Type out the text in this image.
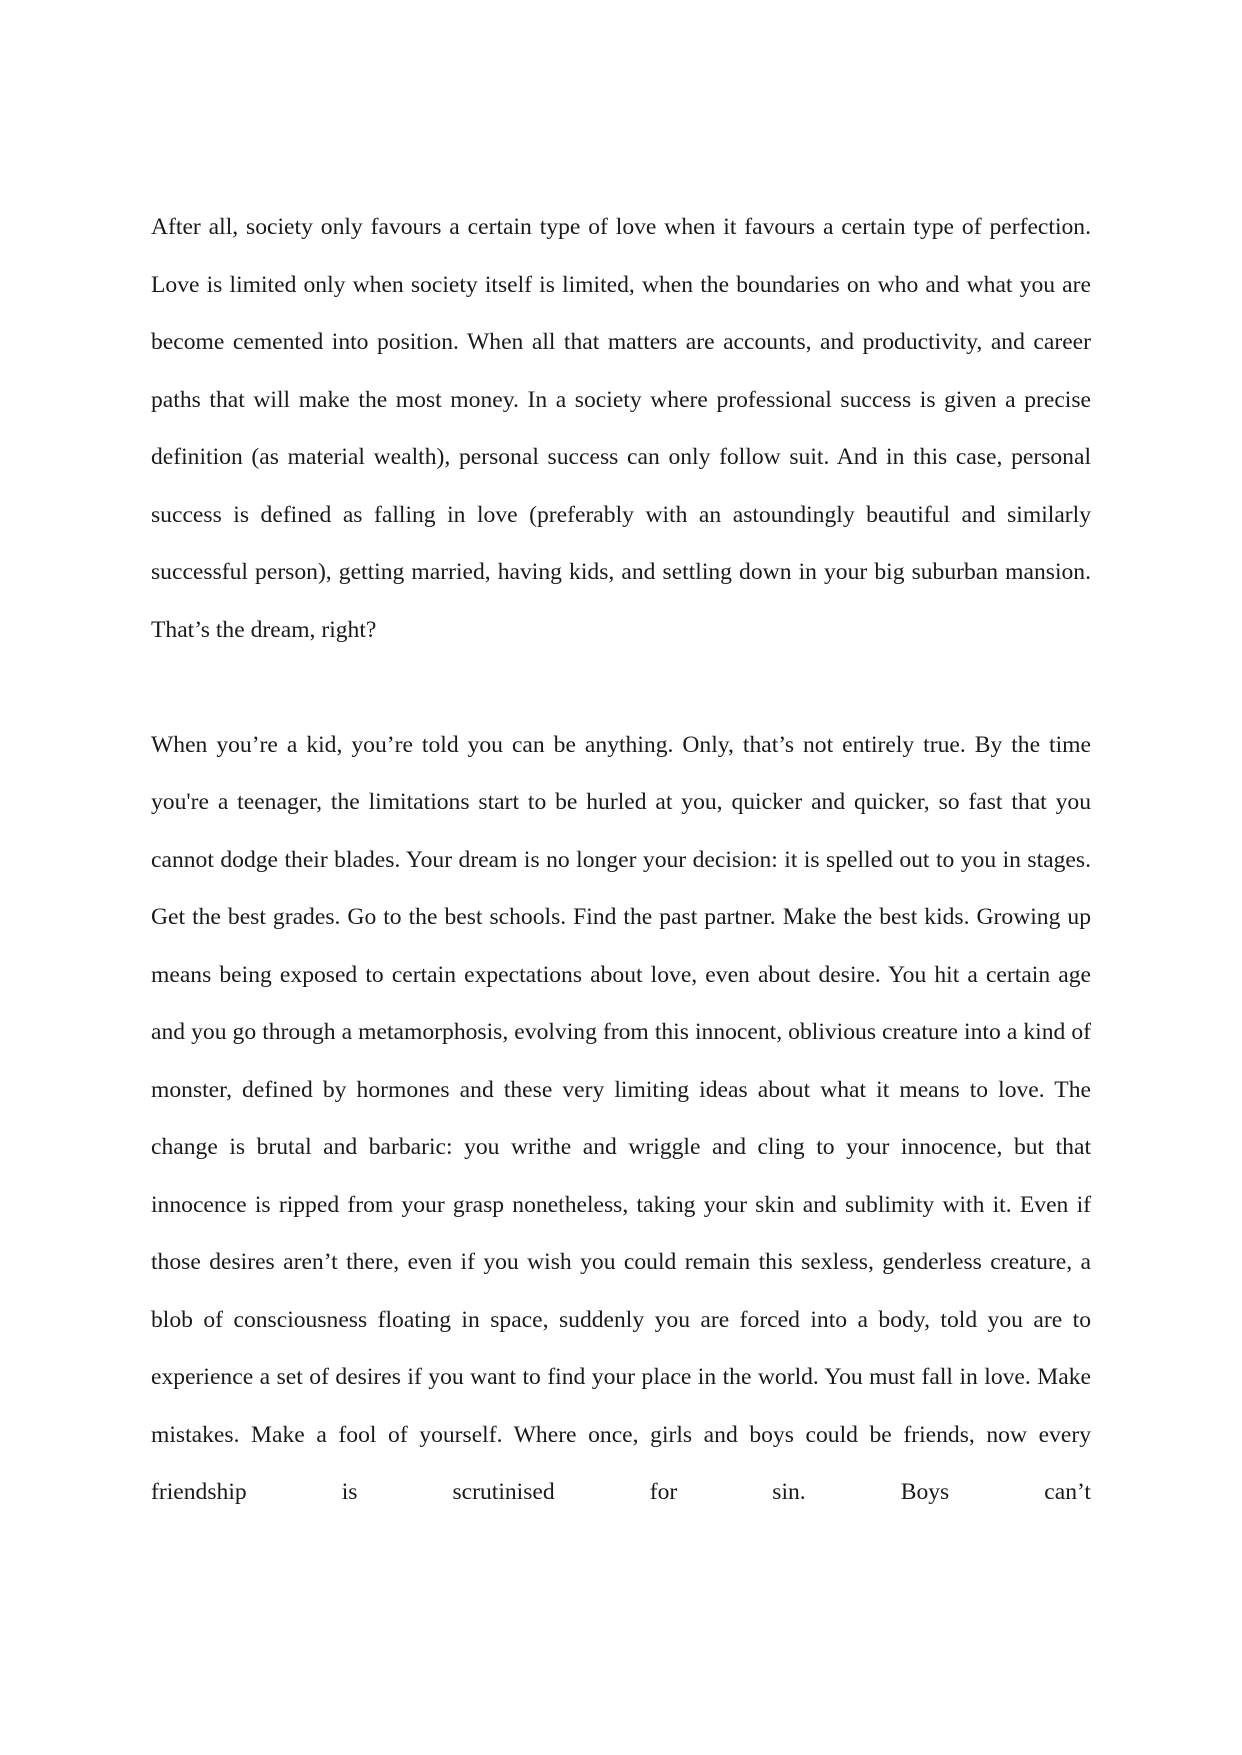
After all, society only favours a certain type of love when it favours a certain type of perfection. Love is limited only when society itself is limited, when the boundaries on who and what you are become cemented into position. When all that matters are accounts, and productivity, and career paths that will make the most money. In a society where professional success is given a precise definition (as material wealth), personal success can only follow suit. And in this case, personal success is defined as falling in love (preferably with an astoundingly beautiful and similarly successful person), getting married, having kids, and settling down in your big suburban mansion. That’s the dream, right?

When you’re a kid, you’re told you can be anything. Only, that’s not entirely true. By the time you're a teenager, the limitations start to be hurled at you, quicker and quicker, so fast that you cannot dodge their blades. Your dream is no longer your decision: it is spelled out to you in stages. Get the best grades. Go to the best schools. Find the past partner. Make the best kids. Growing up means being exposed to certain expectations about love, even about desire. You hit a certain age and you go through a metamorphosis, evolving from this innocent, oblivious creature into a kind of monster, defined by hormones and these very limiting ideas about what it means to love. The change is brutal and barbaric: you writhe and wriggle and cling to your innocence, but that innocence is ripped from your grasp nonetheless, taking your skin and sublimity with it. Even if those desires aren’t there, even if you wish you could remain this sexless, genderless creature, a blob of consciousness floating in space, suddenly you are forced into a body, told you are to experience a set of desires if you want to find your place in the world. You must fall in love. Make mistakes. Make a fool of yourself. Where once, girls and boys could be friends, now every friendship is scrutinised for sin. Boys can’t
